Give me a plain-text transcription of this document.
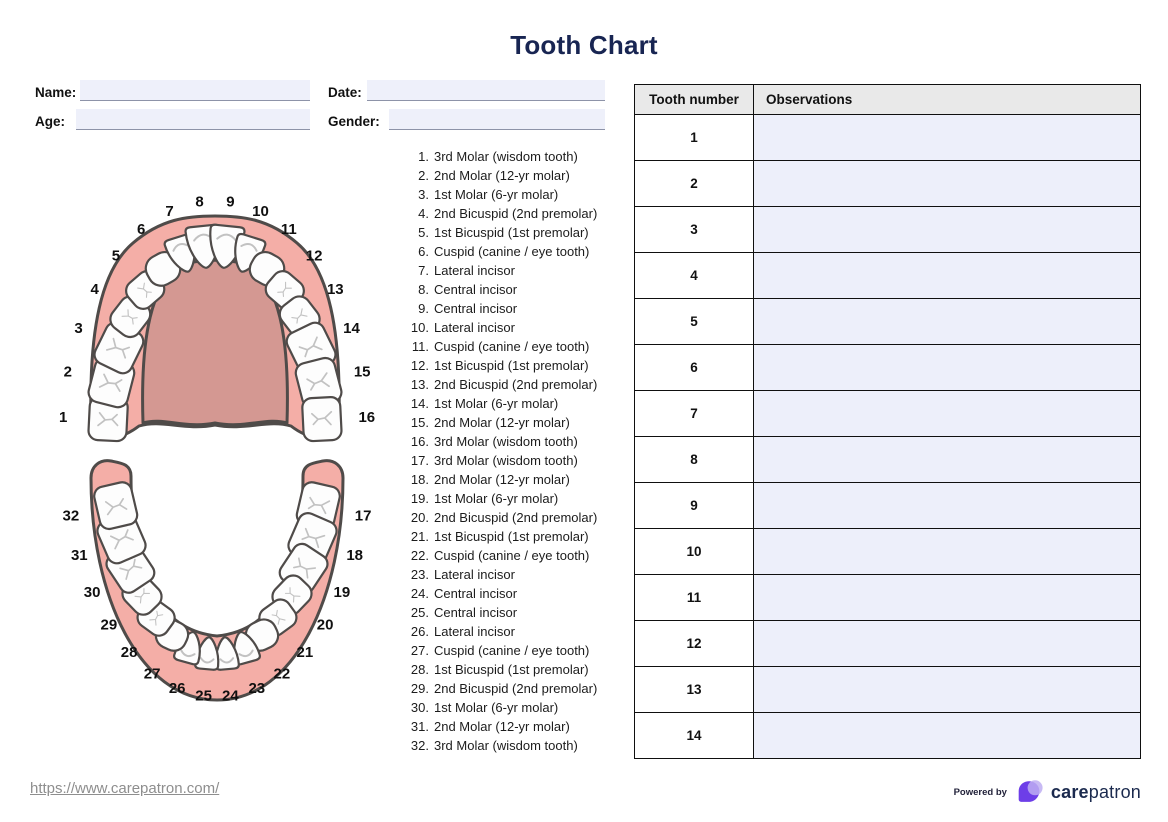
Tooth Chart
Name:	Date:
Age:	Gender:
1
2
3
4
5
6
7
8 9
10
11
12
13
14
15
16
17
18
19
20
21
22
23
24
25
26
27
28
29
30
31
32
1. 3rd Molar (wisdom tooth)
2. 2nd Molar (12-yr molar)
3. 1st Molar (6-yr molar)
4. 2nd Bicuspid (2nd premolar)
5. 1st Bicuspid (1st premolar)
6. Cuspid (canine / eye tooth)
7. Lateral incisor
8. Central incisor
9. Central incisor
10. Lateral incisor
11. Cuspid (canine / eye tooth)
12. 1st Bicuspid (1st premolar)
13. 2nd Bicuspid (2nd premolar)
14. 1st Molar (6-yr molar)
15. 2nd Molar (12-yr molar)
16. 3rd Molar (wisdom tooth)
17. 3rd Molar (wisdom tooth)
18. 2nd Molar (12-yr molar)
19. 1st Molar (6-yr molar)
20. 2nd Bicuspid (2nd premolar)
21. 1st Bicuspid (1st premolar)
22. Cuspid (canine / eye tooth)
23. Lateral incisor
24. Central incisor
25. Central incisor
26. Lateral incisor
27. Cuspid (canine / eye tooth)
28. 1st Bicuspid (1st premolar)
29. 2nd Bicuspid (2nd premolar)
30. 1st Molar (6-yr molar)
31. 2nd Molar (12-yr molar)
32. 3rd Molar (wisdom tooth)
Tooth number	Observations
1	
2	
3	
4	
5	
6	
7	
8	
9	
10	
11	
12	
13	
14	
https://www.carepatron.com/	Powered by carepatron
